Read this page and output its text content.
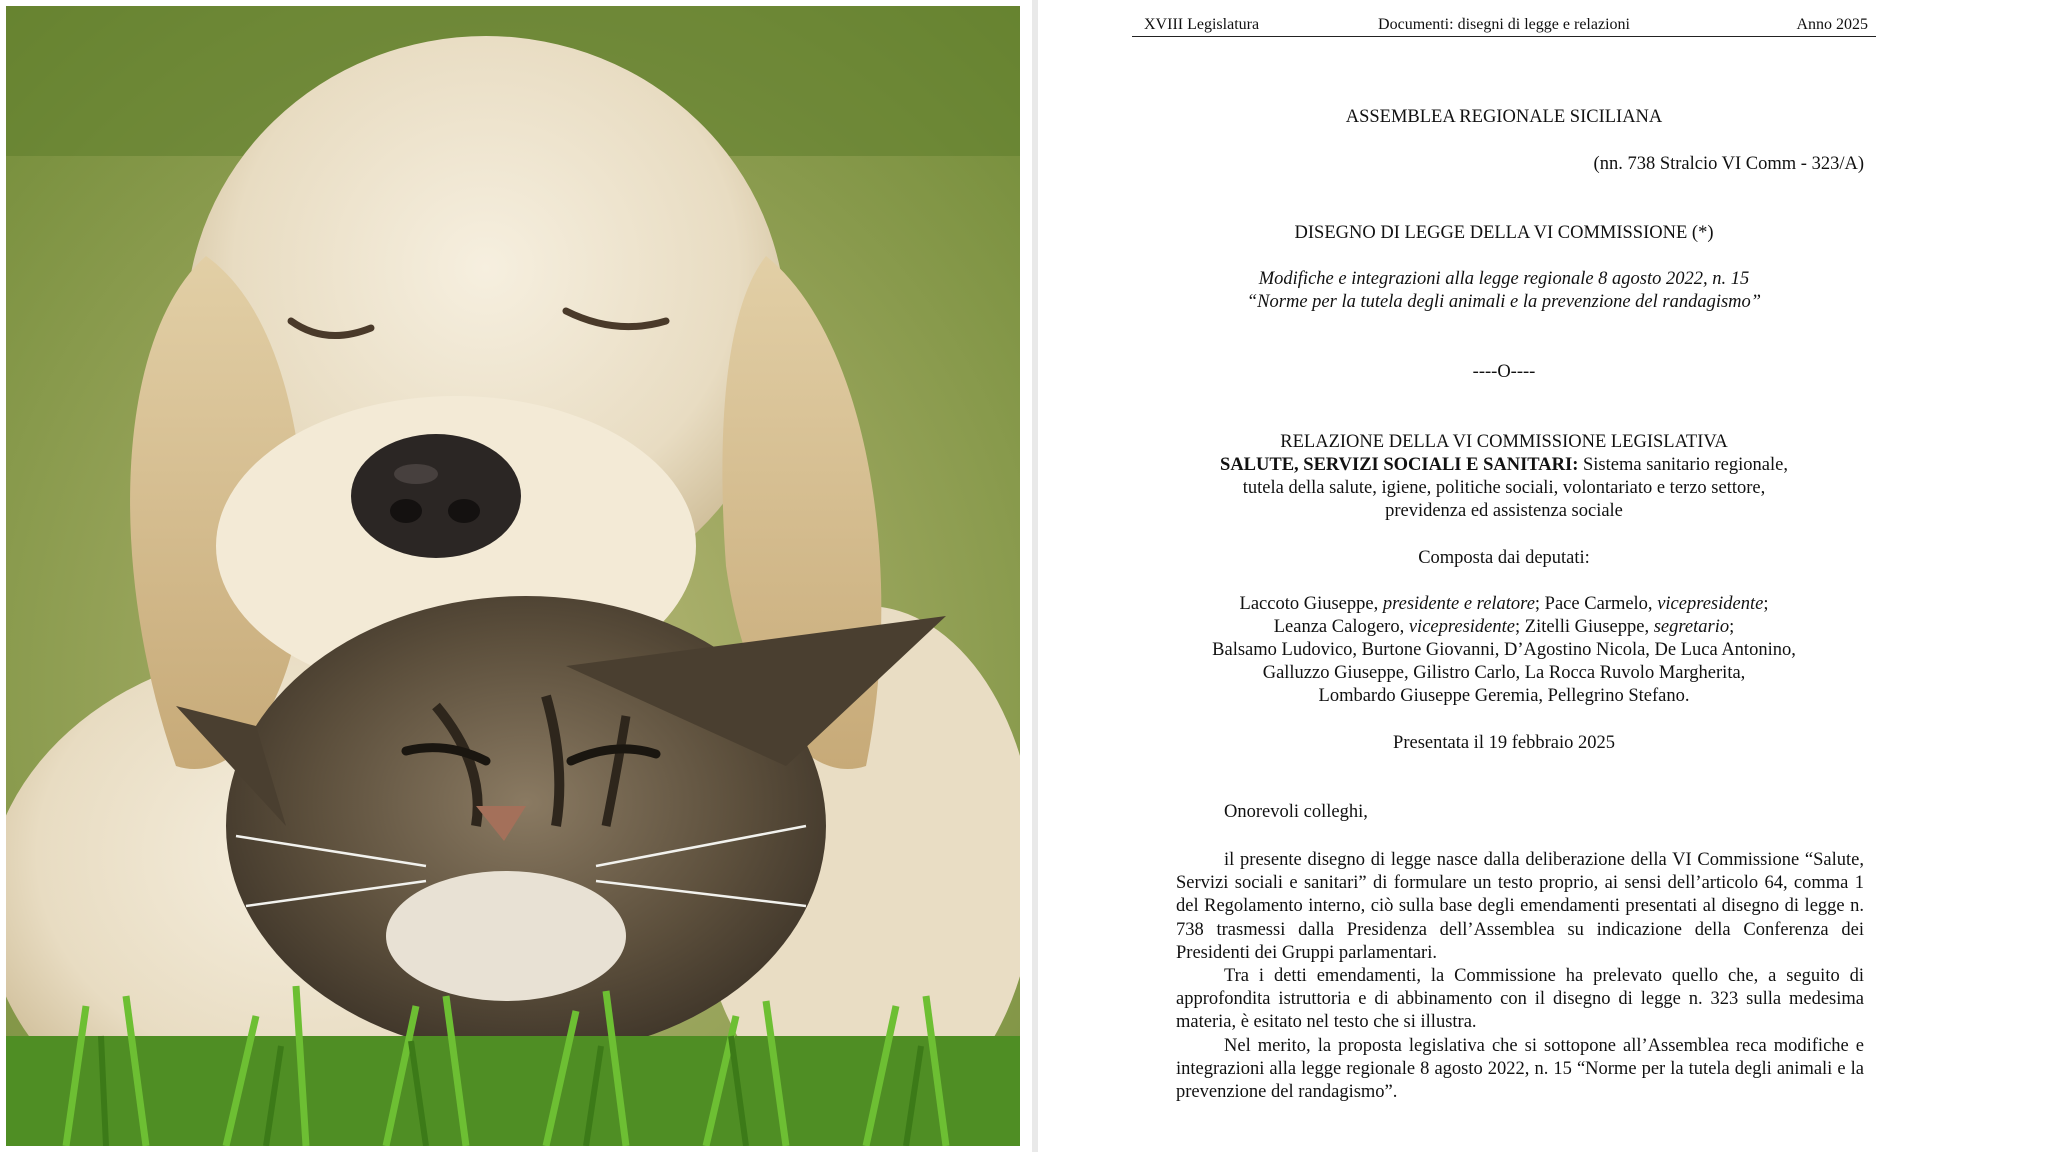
XVIII Legislatura	Documenti: disegni di legge e relazioni	Anno 2025
ASSEMBLEA REGIONALE SICILIANA
(nn. 738 Stralcio VI Comm - 323/A)
DISEGNO DI LEGGE DELLA VI COMMISSIONE (*)
Modifiche e integrazioni alla legge regionale 8 agosto 2022, n. 15
“Norme per la tutela degli animali e la prevenzione del randagismo”
----O----
RELAZIONE DELLA VI COMMISSIONE LEGISLATIVA
SALUTE, SERVIZI SOCIALI E SANITARI: Sistema sanitario regionale,
tutela della salute, igiene, politiche sociali, volontariato e terzo settore,
previdenza ed assistenza sociale
Composta dai deputati:
Laccoto Giuseppe, presidente e relatore; Pace Carmelo, vicepresidente;
Leanza Calogero, vicepresidente; Zitelli Giuseppe, segretario;
Balsamo Ludovico, Burtone Giovanni, D’Agostino Nicola, De Luca Antonino,
Galluzzo Giuseppe, Gilistro Carlo, La Rocca Ruvolo Margherita,
Lombardo Giuseppe Geremia, Pellegrino Stefano.
Presentata il 19 febbraio 2025
Onorevoli colleghi,

il presente disegno di legge nasce dalla deliberazione della VI Commissione “Salute, Servizi sociali e sanitari” di formulare un testo proprio, ai sensi dell’articolo 64, comma 1 del Regolamento interno, ciò sulla base degli emendamenti presentati al disegno di legge n. 738 trasmessi dalla Presidenza dell’Assemblea su indicazione della Conferenza dei Presidenti dei Gruppi parlamentari.

Tra i detti emendamenti, la Commissione ha prelevato quello che, a seguito di approfondita istruttoria e di abbinamento con il disegno di legge n. 323 sulla medesima materia, è esitato nel testo che si illustra.

Nel merito, la proposta legislativa che si sottopone all’Assemblea reca modifiche e integrazioni alla legge regionale 8 agosto 2022, n. 15 “Norme per la tutela degli animali e la prevenzione del randagismo”.
